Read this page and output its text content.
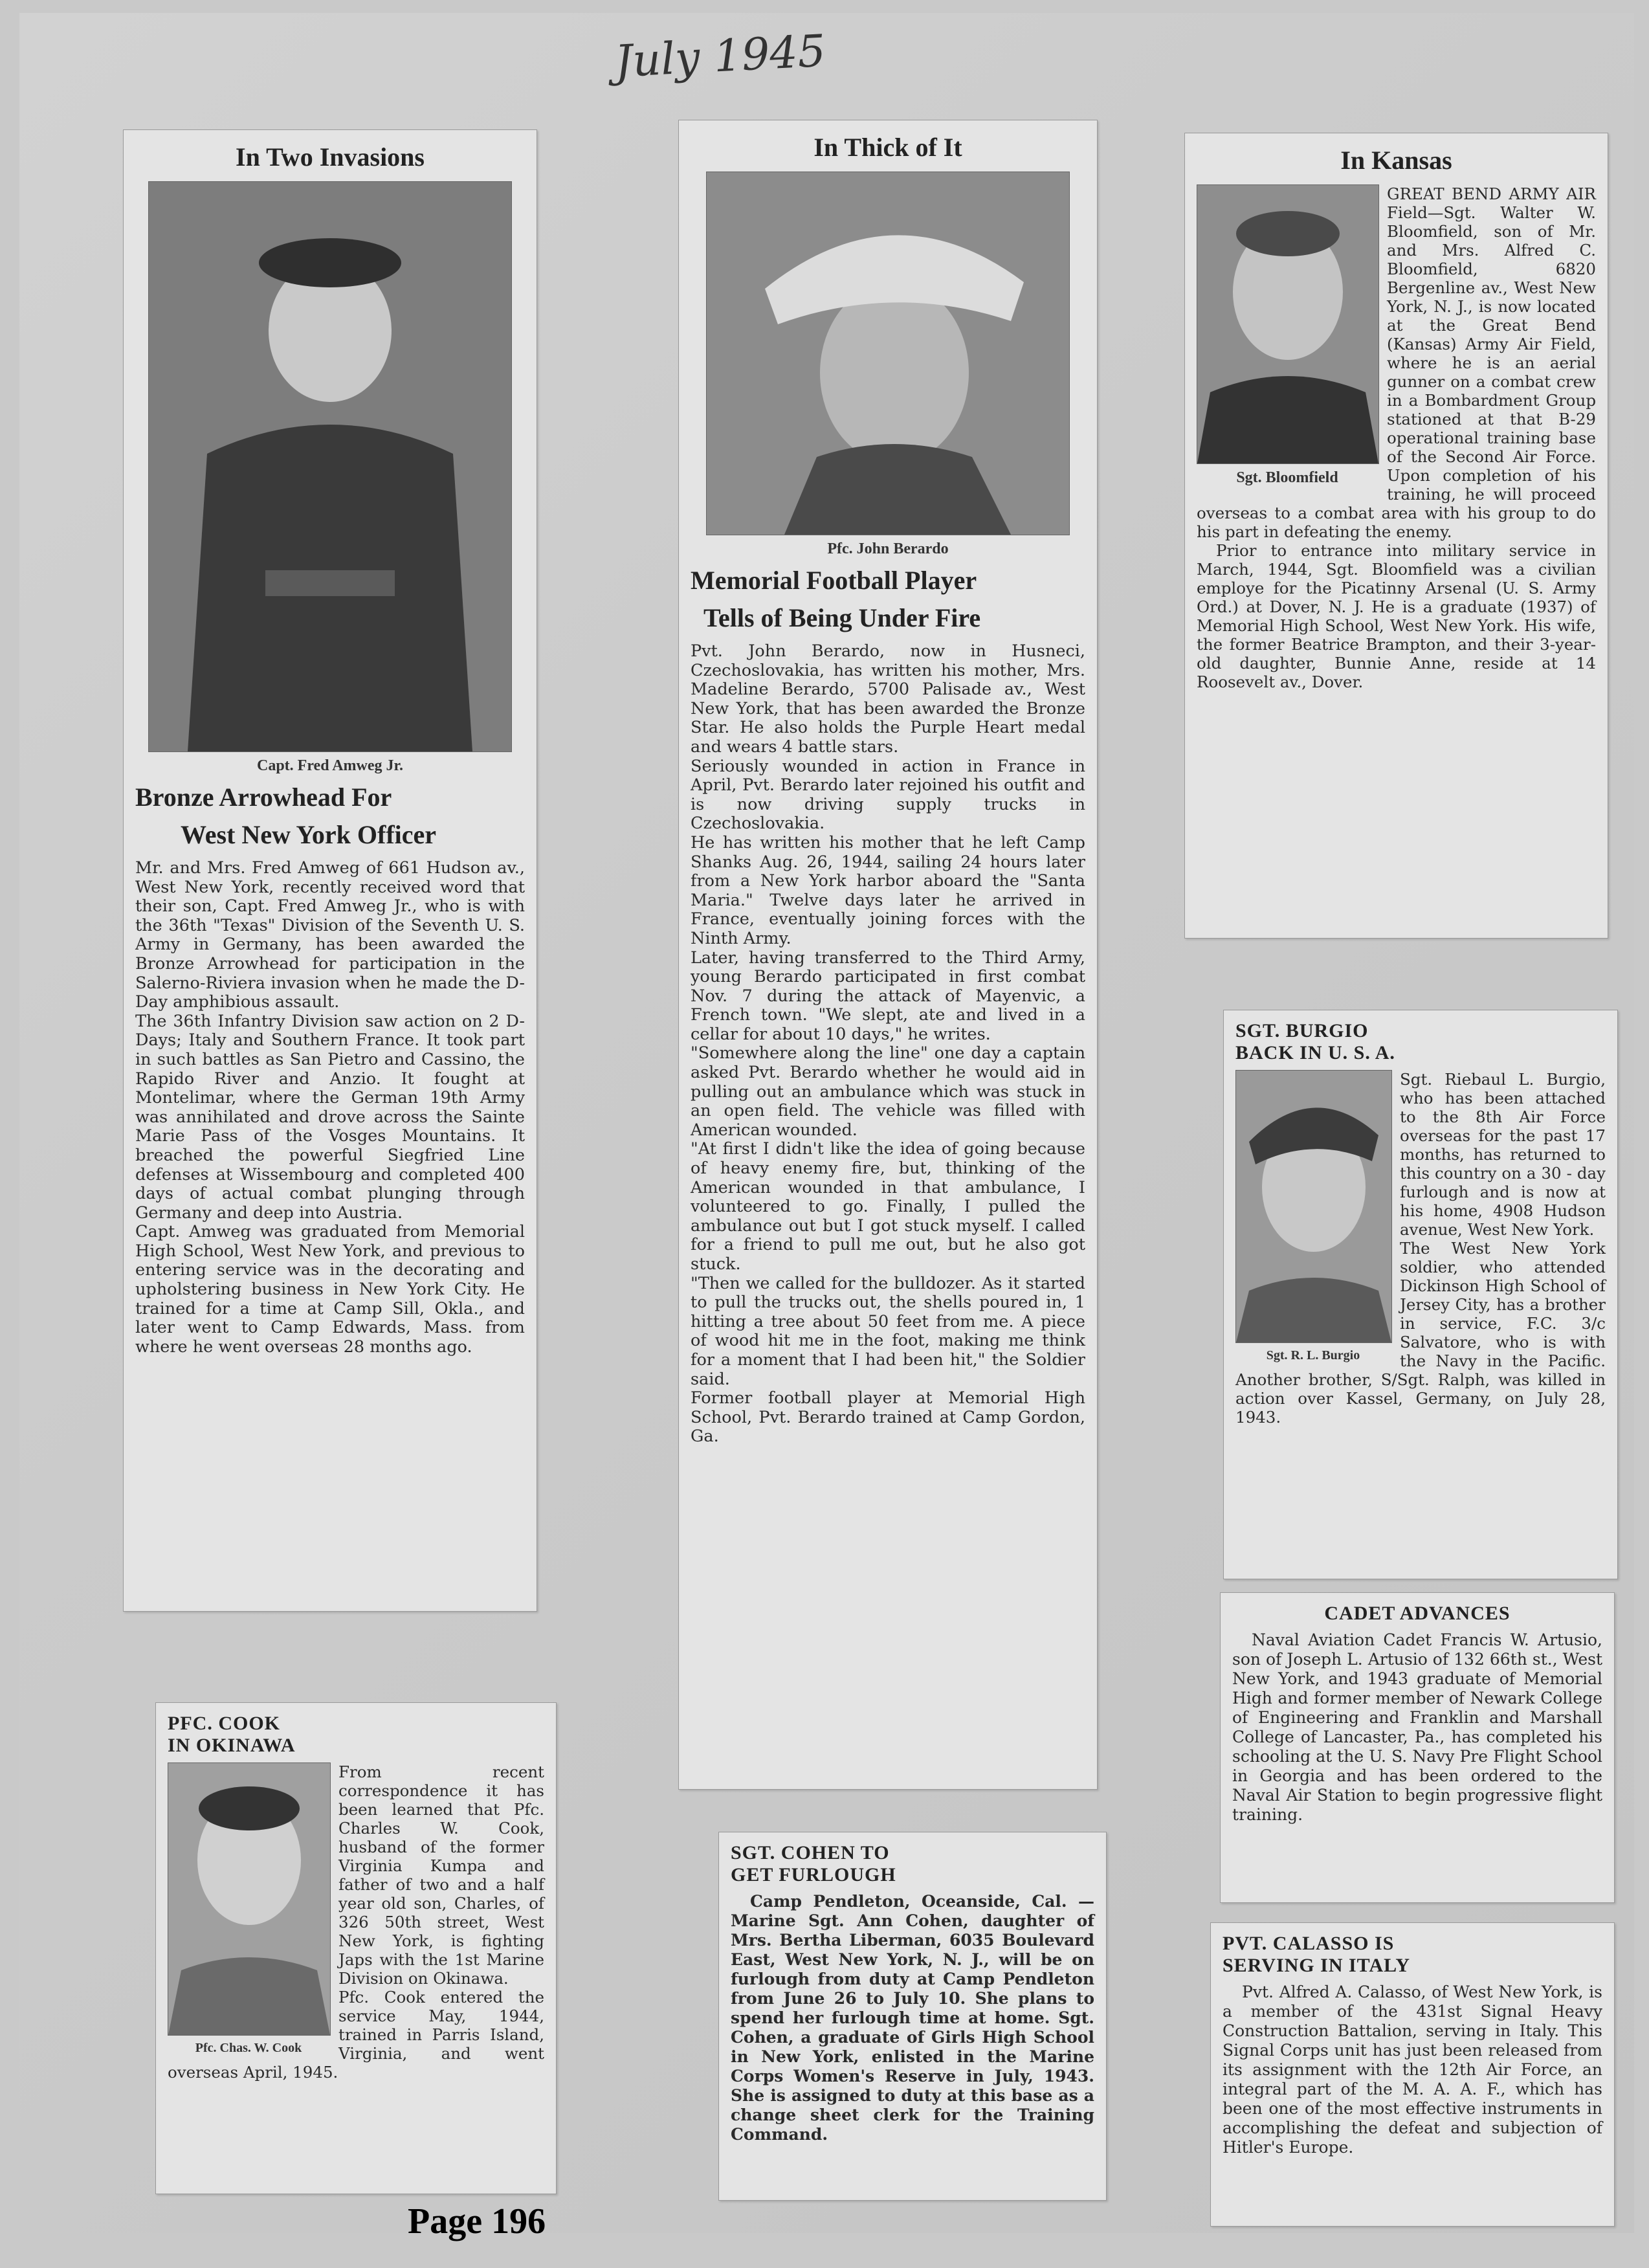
July 1945
In Two Invasions
Capt. Fred Amweg Jr.
Bronze Arrowhead For
West New York Officer

Mr. and Mrs. Fred Amweg of 661 Hudson av., West New York, recently received word that their son, Capt. Fred Amweg Jr., who is with the 36th "Texas" Division of the Seventh U. S. Army in Germany, has been awarded the Bronze Arrowhead for participation in the Salerno-Riviera invasion when he made the D-Day amphibious assault.
The 36th Infantry Division saw action on 2 D-Days; Italy and Southern France. It took part in such battles as San Pietro and Cassino, the Rapido River and Anzio. It fought at Montelimar, where the German 19th Army was annihilated and drove across the Sainte Marie Pass of the Vosges Mountains. It breached the powerful Siegfried Line defenses at Wissembourg and completed 400 days of actual combat plunging through Germany and deep into Austria.
Capt. Amweg was graduated from Memorial High School, West New York, and previous to entering service was in the decorating and upholstering business in New York City. He trained for a time at Camp Sill, Okla., and later went to Camp Edwards, Mass. from where he went overseas 28 months ago.

In Thick of It
Pfc. John Berardo
Memorial Football Player
Tells of Being Under Fire

Pvt. John Berardo, now in Husneci, Czechoslovakia, has written his mother, Mrs. Madeline Berardo, 5700 Palisade av., West New York, that has been awarded the Bronze Star. He also holds the Purple Heart medal and wears 4 battle stars.
Seriously wounded in action in France in April, Pvt. Berardo later rejoined his outfit and is now driving supply trucks in Czechoslovakia.
He has written his mother that he left Camp Shanks Aug. 26, 1944, sailing 24 hours later from a New York harbor aboard the "Santa Maria." Twelve days later he arrived in France, eventually joining forces with the Ninth Army.
Later, having transferred to the Third Army, young Berardo participated in first combat Nov. 7 during the attack of Mayenvic, a French town. "We slept, ate and lived in a cellar for about 10 days," he writes.
"Somewhere along the line" one day a captain asked Pvt. Berardo whether he would aid in pulling out an ambulance which was stuck in an open field. The vehicle was filled with American wounded.
"At first I didn't like the idea of going because of heavy enemy fire, but, thinking of the American wounded in that ambulance, I volunteered to go. Finally, I pulled the ambulance out but I got stuck myself. I called for a friend to pull me out, but he also got stuck.
"Then we called for the bulldozer. As it started to pull the trucks out, the shells poured in, 1 hitting a tree about 50 feet from me. A piece of wood hit me in the foot, making me think for a moment that I had been hit," the Soldier said.
Former football player at Memorial High School, Pvt. Berardo trained at Camp Gordon, Ga.

In Kansas
Sgt. Bloomfield

GREAT BEND ARMY AIR Field—Sgt. Walter W. Bloomfield, son of Mr. and Mrs. Alfred C. Bloomfield, 6820 Bergenline av., West New York, N. J., is now located at the Great Bend (Kansas) Army Air Field, where he is an aerial gunner on a combat crew in a Bombardment Group stationed at that B-29 operational training base of the Second Air Force. Upon completion of his training, he will proceed overseas to a combat area with his group to do his part in defeating the enemy.

Prior to entrance into military service in March, 1944, Sgt. Bloomfield was a civilian employe for the Picatinny Arsenal (U. S. Army Ord.) at Dover, N. J. He is a graduate (1937) of Memorial High School, West New York. His wife, the former Beatrice Brampton, and their 3-year-old daughter, Bunnie Anne, reside at 14 Roosevelt av., Dover.

SGT. BURGIO
BACK IN U. S. A.
Sgt. R. L. Burgio

Sgt. Riebaul L. Burgio, who has been attached to the 8th Air Force overseas for the past 17 months, has returned to this country on a 30 - day furlough and is now at his home, 4908 Hudson avenue, West New York.
The West New York soldier, who attended Dickinson High School of Jersey City, has a brother in service, F.C. 3/c Salvatore, who is with the Navy in the Pacific. Another brother, S/Sgt. Ralph, was killed in action over Kassel, Germany, on July 28, 1943.

CADET ADVANCES

Naval Aviation Cadet Francis W. Artusio, son of Joseph L. Artusio of 132 66th st., West New York, and 1943 graduate of Memorial High and former member of Newark College of Engineering and Franklin and Marshall College of Lancaster, Pa., has completed his schooling at the U. S. Navy Pre Flight School in Georgia and has been ordered to the Naval Air Station to begin progressive flight training.

PFC. COOK
IN OKINAWA
Pfc. Chas. W. Cook

From recent correspondence it has been learned that Pfc. Charles W. Cook, husband of the former Virginia Kumpa and father of two and a half year old son, Charles, of 326 50th street, West New York, is fighting Japs with the 1st Marine Division on Okinawa.
Pfc. Cook entered the service May, 1944, trained in Parris Island, Virginia, and went overseas April, 1945.

SGT. COHEN TO
GET FURLOUGH

Camp Pendleton, Oceanside, Cal. —Marine Sgt. Ann Cohen, daughter of Mrs. Bertha Liberman, 6035 Boulevard East, West New York, N. J., will be on furlough from duty at Camp Pendleton from June 26 to July 10. She plans to spend her furlough time at home. Sgt. Cohen, a graduate of Girls High School in New York, enlisted in the Marine Corps Women's Reserve in July, 1943. She is assigned to duty at this base as a change sheet clerk for the Training Command.

PVT. CALASSO IS
SERVING IN ITALY

Pvt. Alfred A. Calasso, of West New York, is a member of the 431st Signal Heavy Construction Battalion, serving in Italy. This Signal Corps unit has just been released from its assignment with the 12th Air Force, an integral part of the M. A. A. F., which has been one of the most effective instruments in accomplishing the defeat and subjection of Hitler's Europe.

Page 196
